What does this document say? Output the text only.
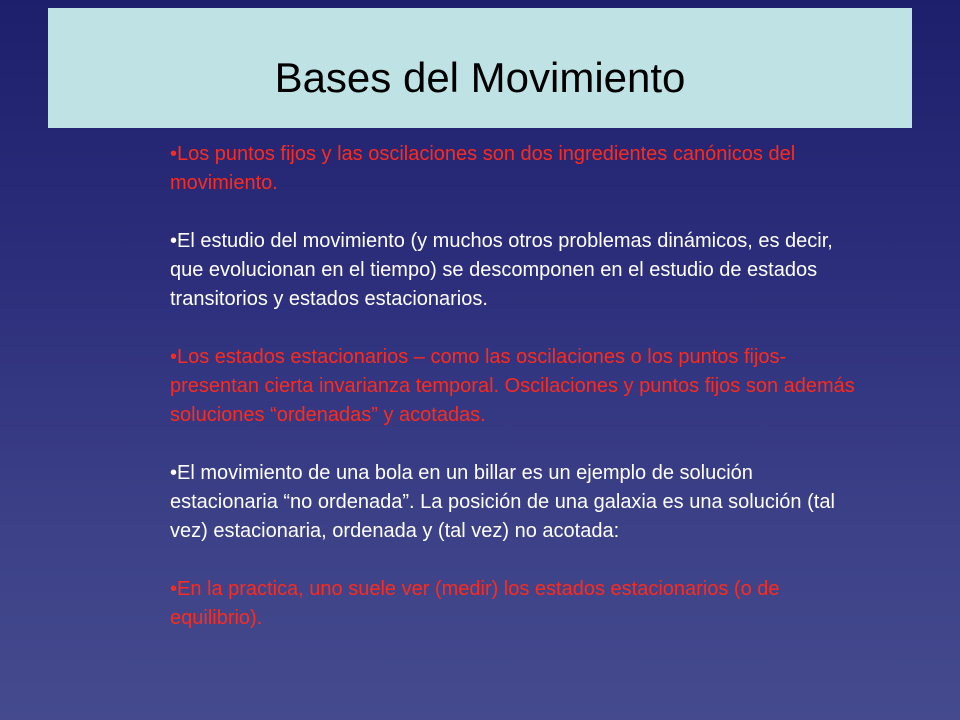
Bases del Movimiento

•Los puntos fijos y las oscilaciones son dos ingredientes canónicos del movimiento.

•El estudio del movimiento (y muchos otros problemas dinámicos, es decir, que evolucionan en el tiempo) se descomponen en el estudio de estados transitorios y estados estacionarios.

•Los estados estacionarios – como las oscilaciones o los puntos fijos- presentan cierta invarianza temporal. Oscilaciones y puntos fijos son además soluciones “ordenadas” y acotadas.

•El movimiento de una bola en un billar es un ejemplo de solución estacionaria “no ordenada”. La posición de una galaxia es una solución (tal vez) estacionaria, ordenada y (tal vez) no acotada:

•En la practica, uno suele ver (medir) los estados estacionarios (o de equilibrio).
